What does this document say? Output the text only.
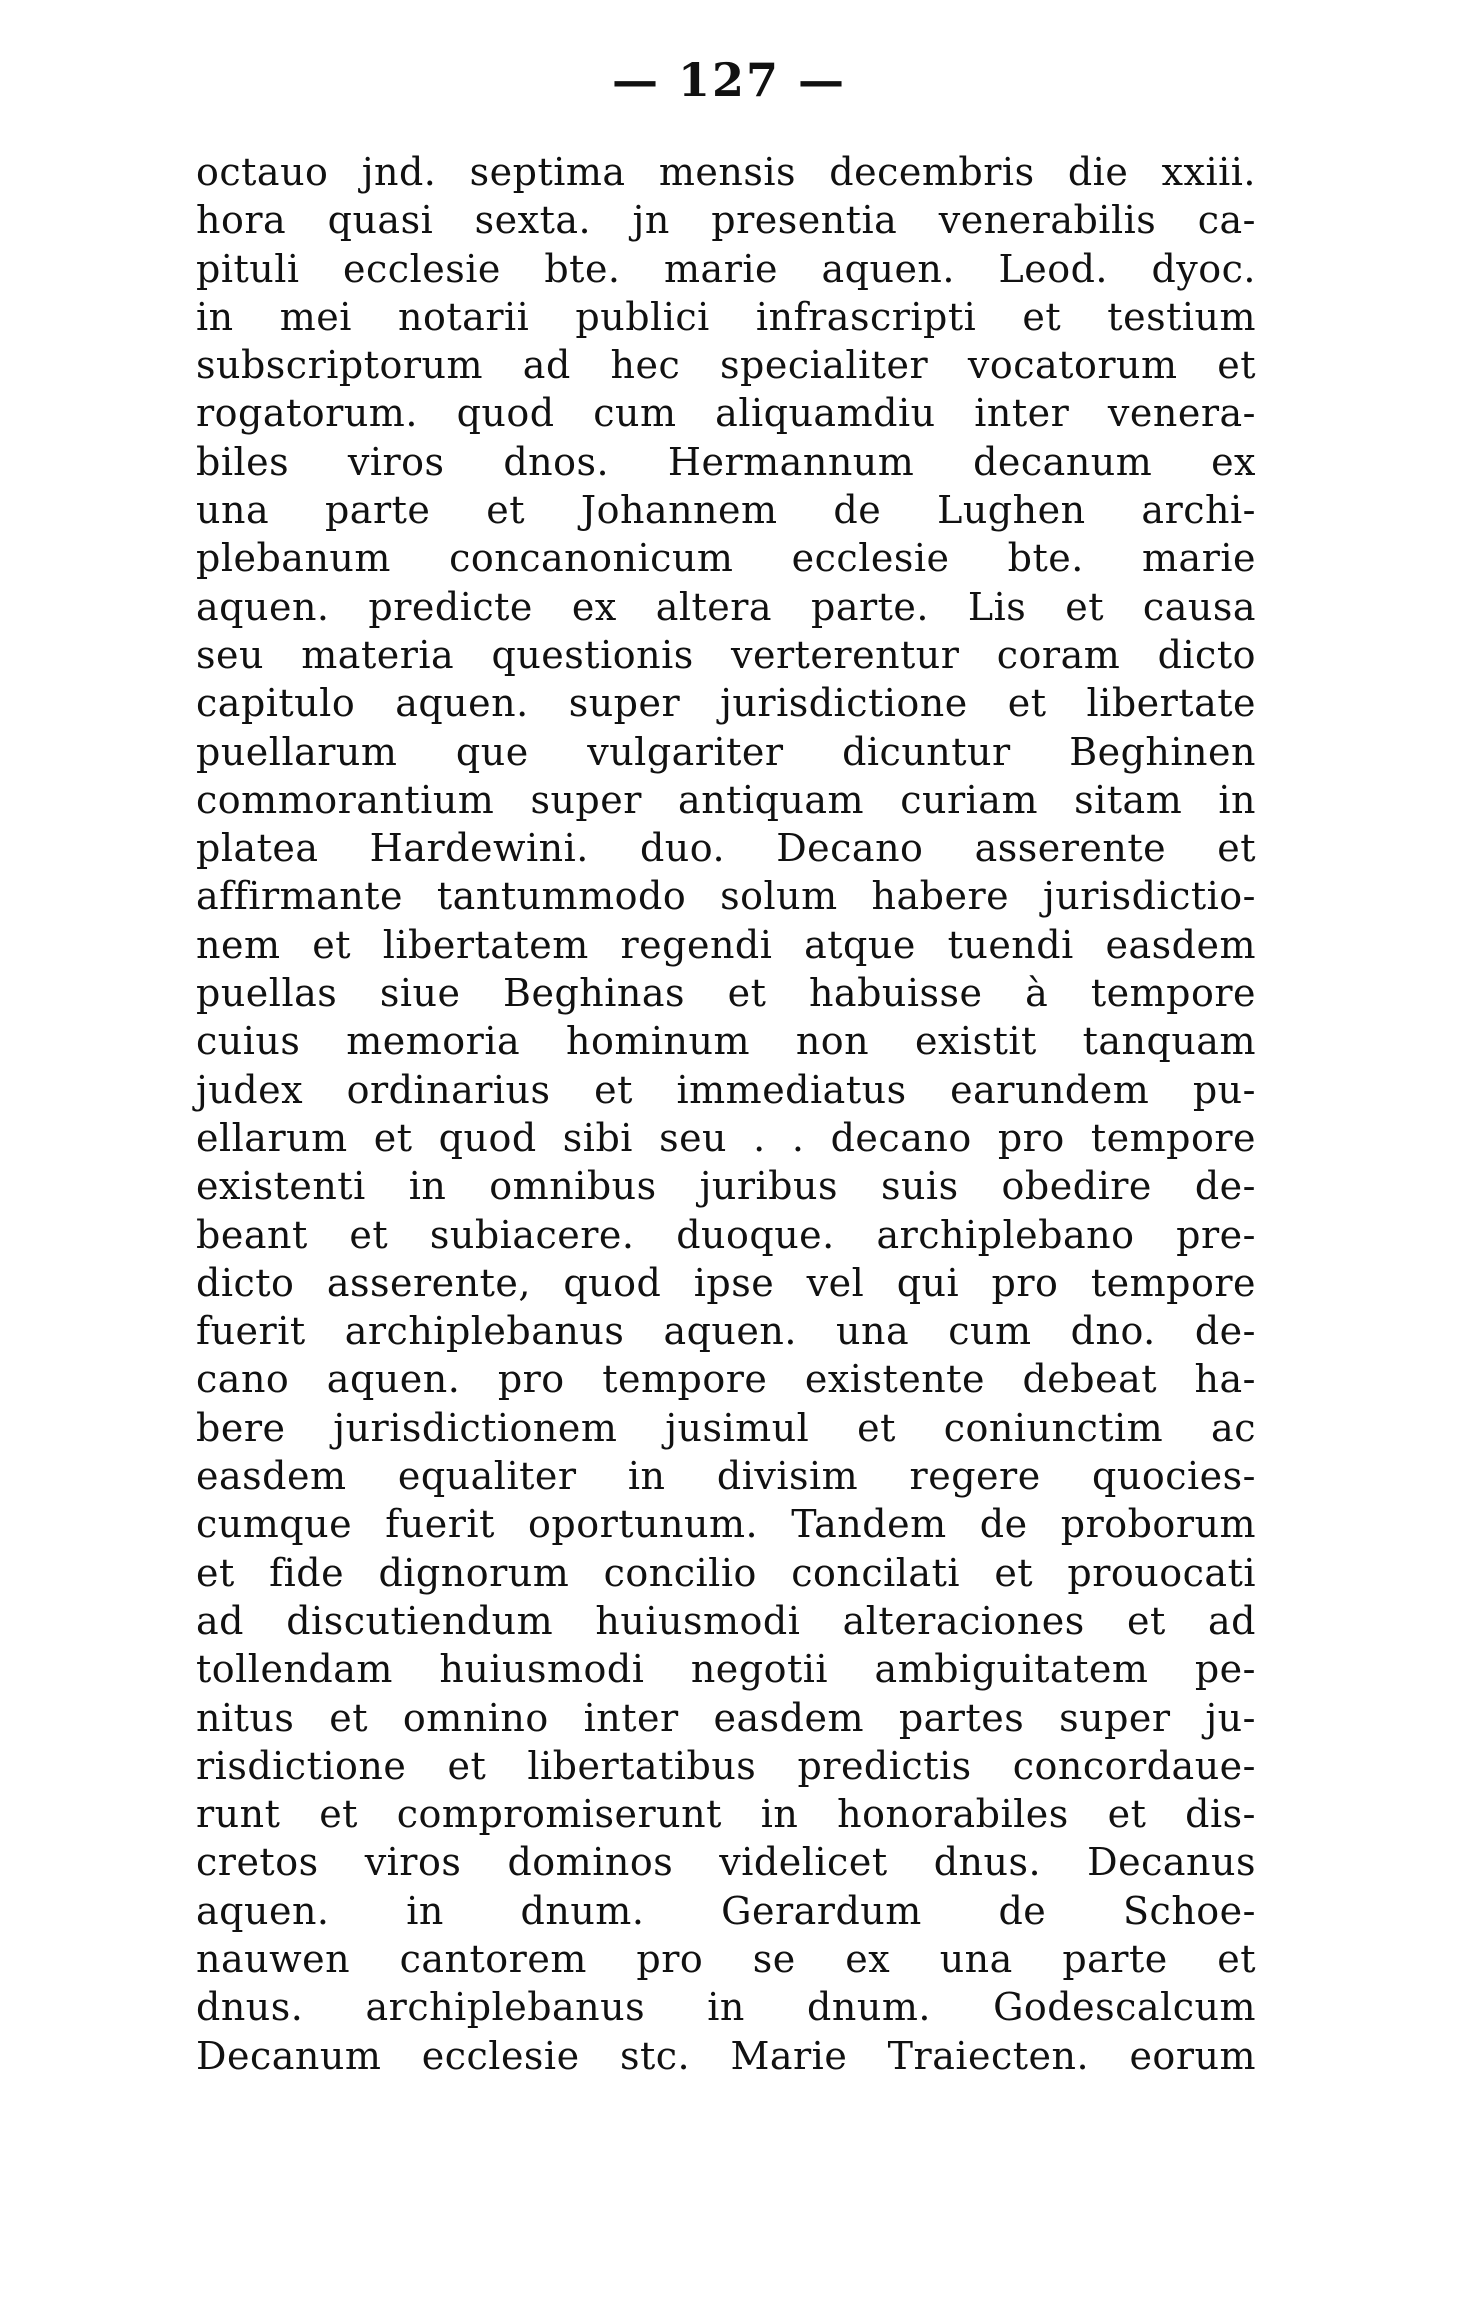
— 127 —
octauo jnd. septima mensis decembris die xxiii.
hora quasi sexta. jn presentia venerabilis ca-
pituli ecclesie bte. marie aquen. Leod. dyoc.
in mei notarii publici infrascripti et testium
subscriptorum ad hec specialiter vocatorum et
rogatorum. quod cum aliquamdiu inter venera-
biles viros dnos. Hermannum decanum ex
una parte et Johannem de Lughen archi-
plebanum concanonicum ecclesie bte. marie
aquen. predicte ex altera parte. Lis et causa
seu materia questionis verterentur coram dicto
capitulo aquen. super jurisdictione et libertate
puellarum que vulgariter dicuntur Beghinen
commorantium super antiquam curiam sitam in
platea Hardewini. duo. Decano asserente et
affirmante tantummodo solum habere jurisdictio-
nem et libertatem regendi atque tuendi easdem
puellas siue Beghinas et habuisse à tempore
cuius memoria hominum non existit tanquam
judex ordinarius et immediatus earundem pu-
ellarum et quod sibi seu . . decano pro tempore
existenti in omnibus juribus suis obedire de-
beant et subiacere. duoque. archiplebano pre-
dicto asserente, quod ipse vel qui pro tempore
fuerit archiplebanus aquen. una cum dno. de-
cano aquen. pro tempore existente debeat ha-
bere jurisdictionem jusimul et coniunctim ac
easdem equaliter in divisim regere quocies-
cumque fuerit oportunum. Tandem de proborum
et fide dignorum concilio concilati et prouocati
ad discutiendum huiusmodi alteraciones et ad
tollendam huiusmodi negotii ambiguitatem pe-
nitus et omnino inter easdem partes super ju-
risdictione et libertatibus predictis concordaue-
runt et compromiserunt in honorabiles et dis-
cretos viros dominos videlicet dnus. Decanus
aquen. in dnum. Gerardum de Schoe-
nauwen cantorem pro se ex una parte et
dnus. archiplebanus in dnum. Godescalcum
Decanum ecclesie stc. Marie Traiecten. eorum
